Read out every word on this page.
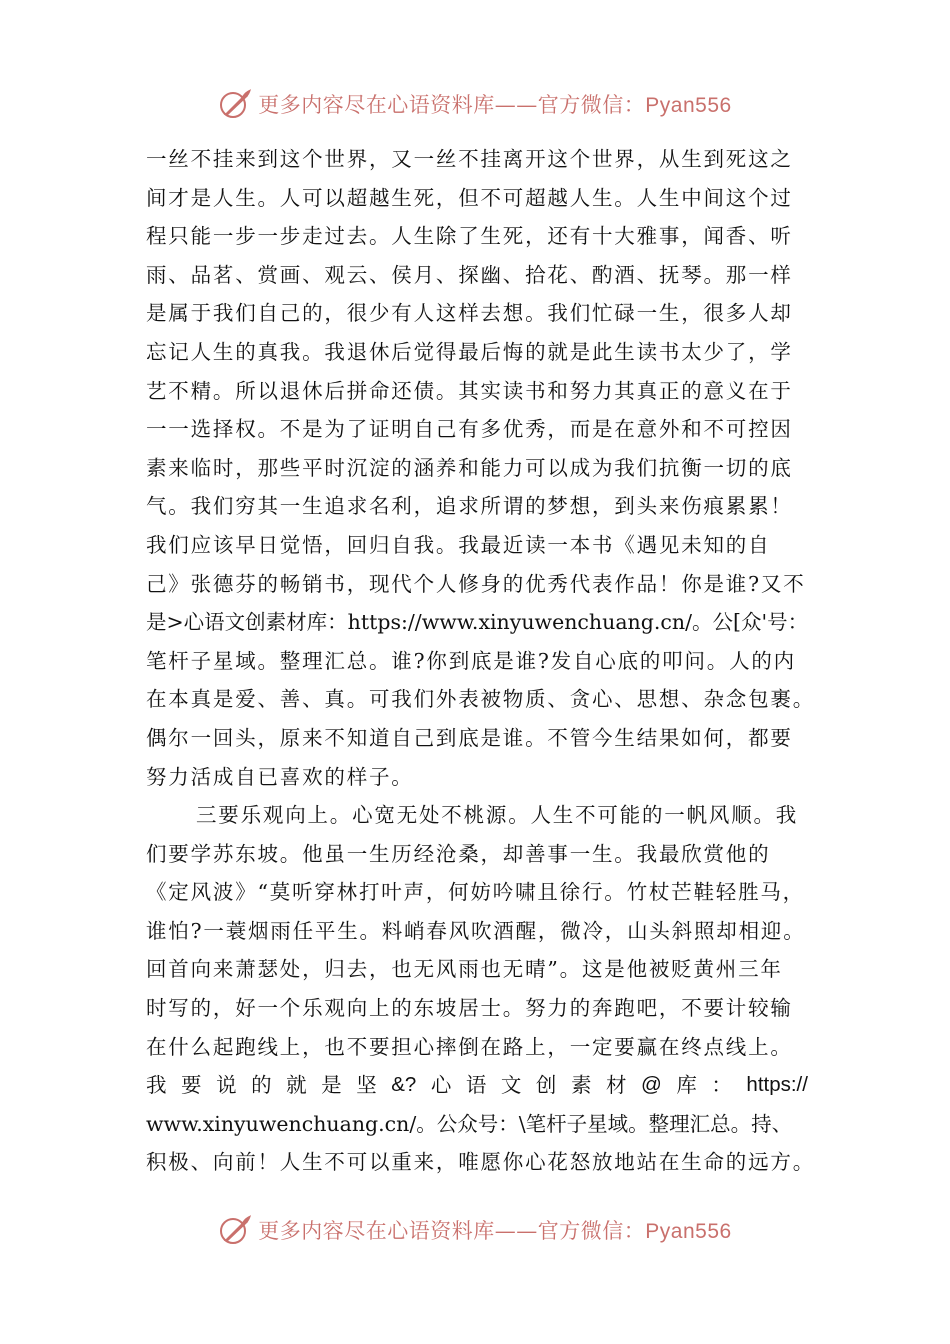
更多内容尽在心语资料库——官方微信：Pyan556
一丝不挂来到这个世界，又一丝不挂离开这个世界，从生到死这之
间才是人生。人可以超越生死，但不可超越人生。人生中间这个过
程只能一步一步走过去。人生除了生死，还有十大雅事，闻香、听
雨、品茗、赏画、观云、侯月、探幽、拾花、酌酒、抚琴。那一样
是属于我们自己的，很少有人这样去想。我们忙碌一生，很多人却
忘记人生的真我。我退休后觉得最后悔的就是此生读书太少了，学
艺不精。所以退休后拼命还债。其实读书和努力其真正的意义在于
一一选择权。不是为了证明自己有多优秀，而是在意外和不可控因
素来临时，那些平时沉淀的涵养和能力可以成为我们抗衡一切的底
气。我们穷其一生追求名利，追求所谓的梦想，到头来伤痕累累！
我们应该早日觉悟，回归自我。我最近读一本书《遇见未知的自
己》张德芬的畅销书，现代个人修身的优秀代表作品！你是谁?又不
是>心语文创素材库：https://www.xinyuwenchuang.cn/。公[众'号：
笔杆子星域。整理汇总。谁?你到底是谁?发自心底的叩问。人的内
在本真是爱、善、真。可我们外表被物质、贪心、思想、杂念包裹。
偶尔一回头，原来不知道自己到底是谁。不管今生结果如何，都要
努力活成自已喜欢的样子。
三要乐观向上。心宽无处不桃源。人生不可能的一帆风顺。我
们要学苏东坡。他虽一生历经沧桑，却善事一生。我最欣赏他的
《定风波》“莫听穿林打叶声，何妨吟啸且徐行。竹杖芒鞋轻胜马，
谁怕?一蓑烟雨任平生。料峭春风吹酒醒，微冷，山头斜照却相迎。
回首向来萧瑟处，归去，也无风雨也无晴”。这是他被贬黄州三年
时写的，好一个乐观向上的东坡居士。努力的奔跑吧，不要计较输
在什么起跑线上，也不要担心摔倒在路上，一定要赢在终点线上。
我 要 说 的 就 是 坚 &? 心 语 文 创 素 材 @ 库 ： https://
www.xinyuwenchuang.cn/。公众号：\笔杆子星域。整理汇总。持、
积极、向前！人生不可以重来，唯愿你心花怒放地站在生命的远方。
更多内容尽在心语资料库——官方微信：Pyan556
